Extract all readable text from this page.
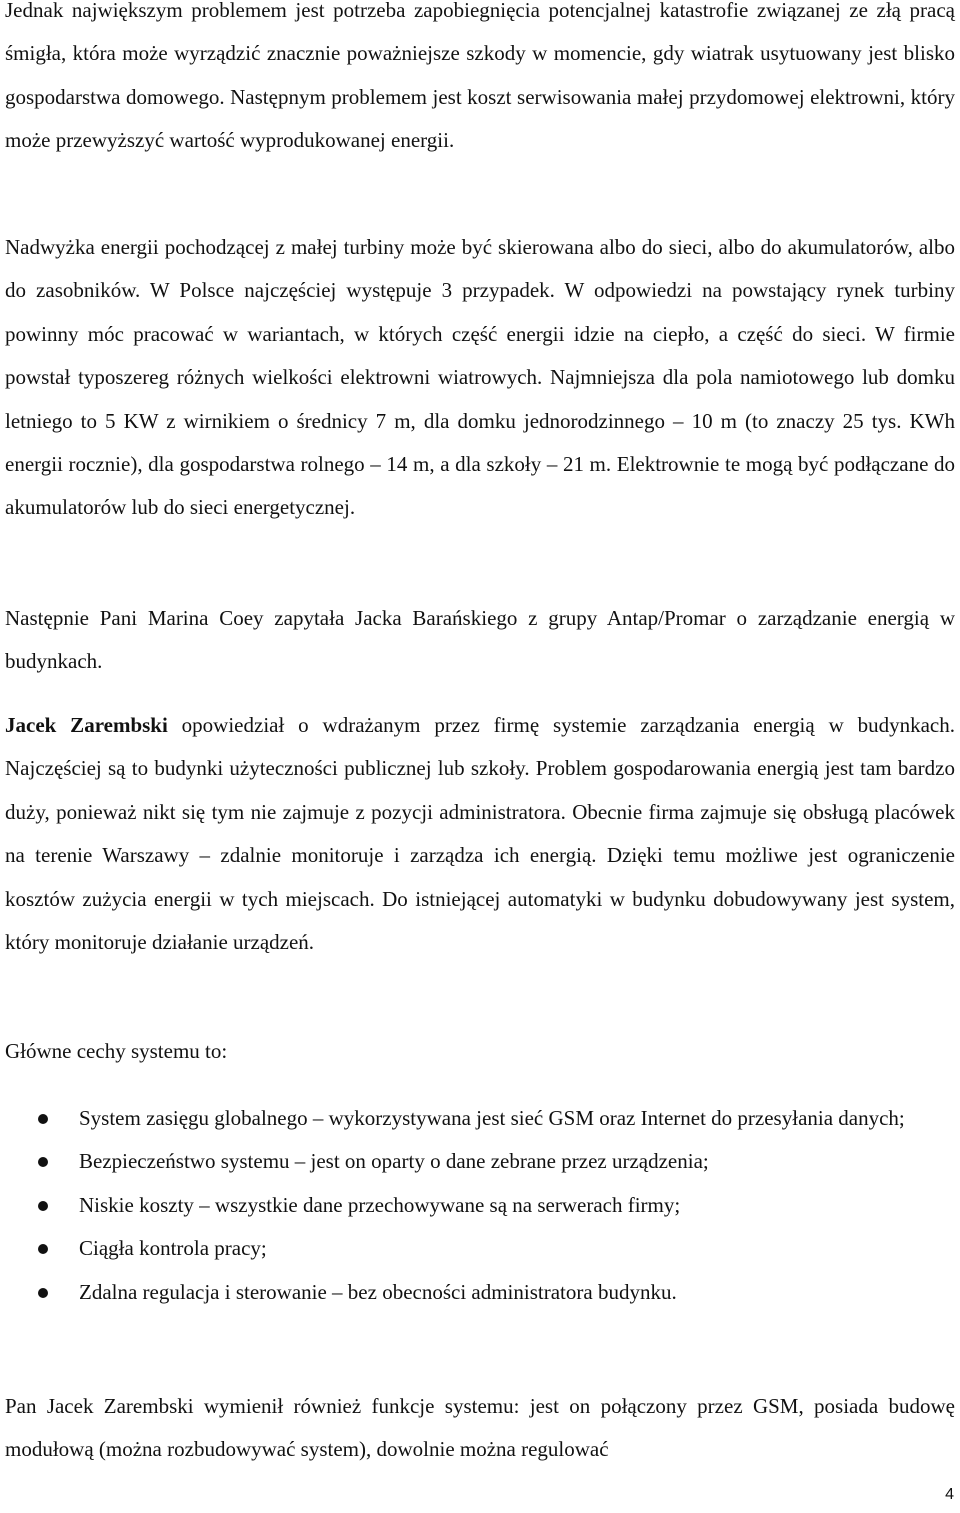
Jednak największym problemem jest potrzeba zapobiegnięcia potencjalnej katastrofie związanej ze złą pracą śmigła, która może wyrządzić znacznie poważniejsze szkody w momencie, gdy wiatrak usytuowany jest blisko gospodarstwa domowego. Następnym problemem jest koszt serwisowania małej przydomowej elektrowni, który może przewyższyć wartość wyprodukowanej energii.

Nadwyżka energii pochodzącej z małej turbiny może być skierowana albo do sieci, albo do akumulatorów, albo do zasobników. W Polsce najczęściej występuje 3 przypadek. W odpowiedzi na powstający rynek turbiny powinny móc pracować w wariantach, w których część energii idzie na ciepło, a część do sieci. W firmie powstał typoszereg różnych wielkości elektrowni wiatrowych. Najmniejsza dla pola namiotowego lub domku letniego to 5 KW z wirnikiem o średnicy 7 m, dla domku jednorodzinnego – 10 m (to znaczy 25 tys. KWh energii rocznie), dla gospodarstwa rolnego – 14 m, a dla szkoły – 21 m. Elektrownie te mogą być podłączane do akumulatorów lub do sieci energetycznej.

Następnie Pani Marina Coey zapytała Jacka Barańskiego z grupy Antap/Promar o zarządzanie energią w budynkach.

Jacek Zarembski opowiedział o wdrażanym przez firmę systemie zarządzania energią w budynkach. Najczęściej są to budynki użyteczności publicznej lub szkoły. Problem gospodarowania energią jest tam bardzo duży, ponieważ nikt się tym nie zajmuje z pozycji administratora. Obecnie firma zajmuje się obsługą placówek na terenie Warszawy – zdalnie monitoruje i zarządza ich energią. Dzięki temu możliwe jest ograniczenie kosztów zużycia energii w tych miejscach. Do istniejącej automatyki w budynku dobudowywany jest system, który monitoruje działanie urządzeń.

Główne cechy systemu to:

System zasięgu globalnego – wykorzystywana jest sieć GSM oraz Internet do przesyłania danych;
Bezpieczeństwo systemu – jest on oparty o dane zebrane przez urządzenia;
Niskie koszty – wszystkie dane przechowywane są na serwerach firmy;
Ciągła kontrola pracy;
Zdalna regulacja i sterowanie – bez obecności administratora budynku.

Pan Jacek Zarembski wymienił również funkcje systemu: jest on połączony przez GSM, posiada budowę modułową (można rozbudowywać system), dowolnie można regulować

4
